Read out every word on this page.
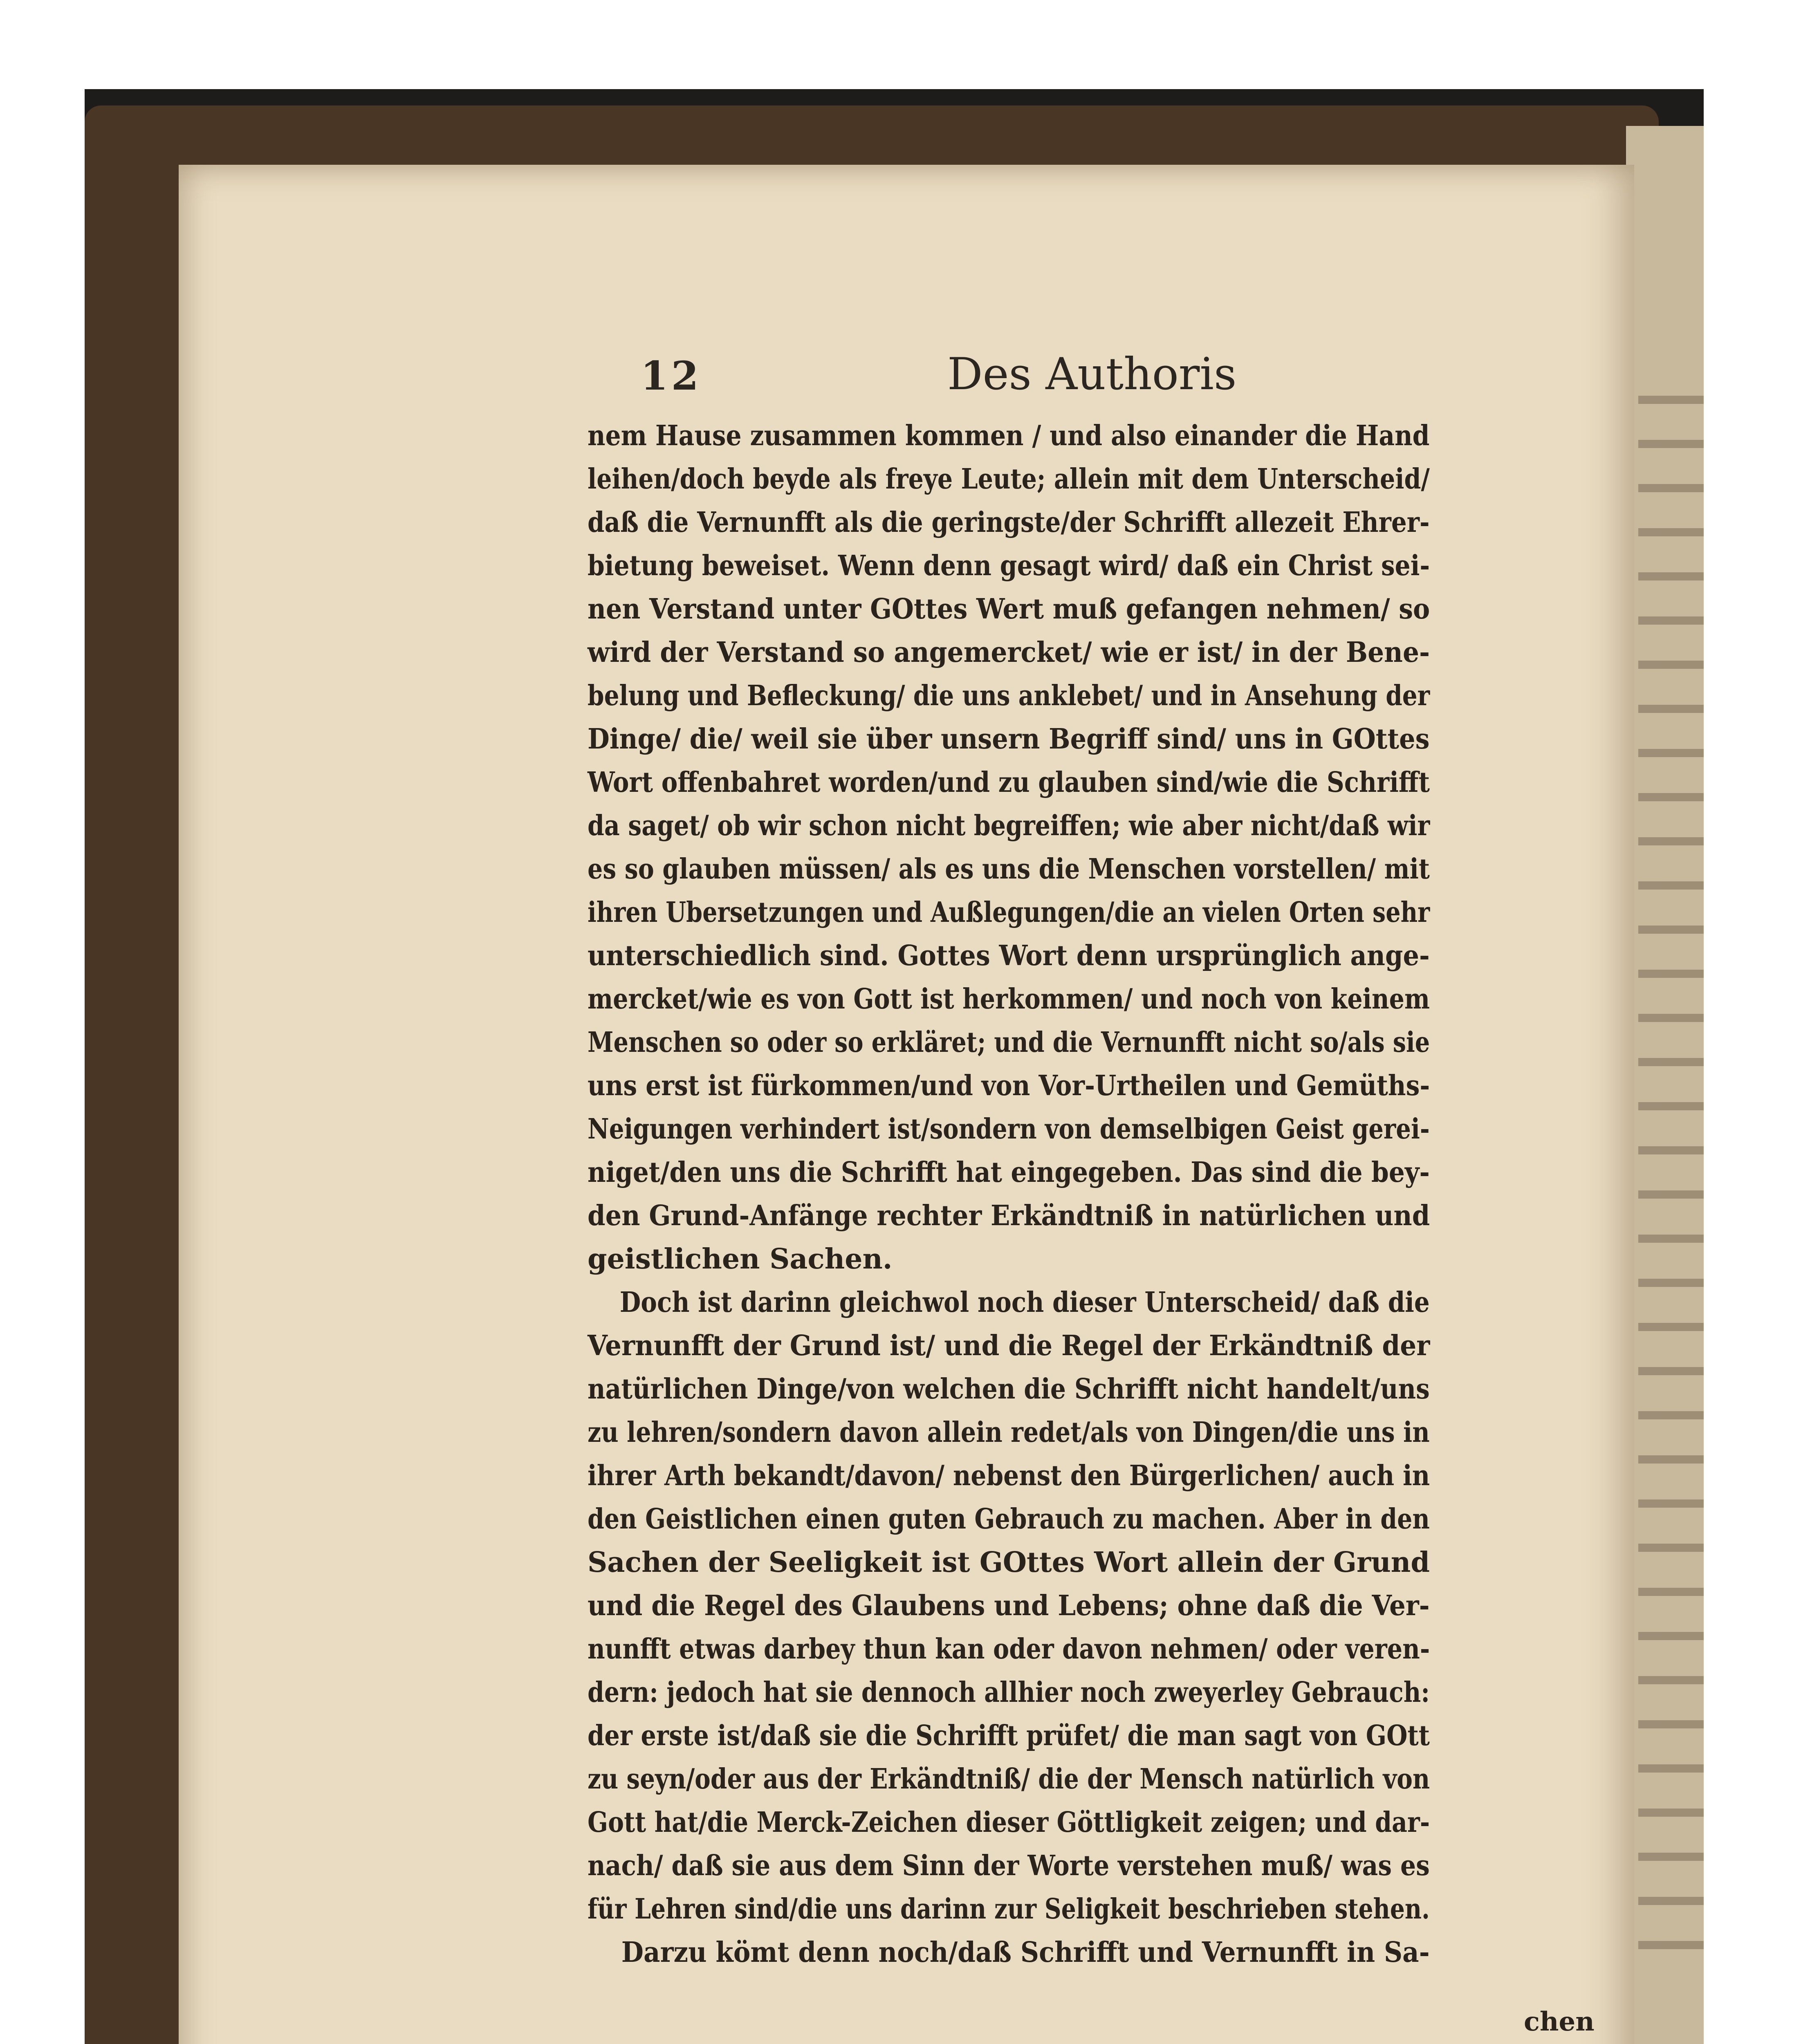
12	Des Authoris
nem Hause zusammen kommen / und also einander die Hand
leihen/doch beyde als freye Leute; allein mit dem Unterscheid/
daß die Vernunfft als die geringste/der Schrifft allezeit Ehrer-
bietung beweiset. Wenn denn gesagt wird/ daß ein Christ sei-
nen Verstand unter GOttes Wert muß gefangen nehmen/ so
wird der Verstand so angemercket/ wie er ist/ in der Bene-
belung und Befleckung/ die uns anklebet/ und in Ansehung der
Dinge/ die/ weil sie über unsern Begriff sind/ uns in GOttes
Wort offenbahret worden/und zu glauben sind/wie die Schrifft
da saget/ ob wir schon nicht begreiffen; wie aber nicht/daß wir
es so glauben müssen/ als es uns die Menschen vorstellen/ mit
ihren Ubersetzungen und Außlegungen/die an vielen Orten sehr
unterschiedlich sind. Gottes Wort denn ursprünglich ange-
mercket/wie es von Gott ist herkommen/ und noch von keinem
Menschen so oder so erkläret; und die Vernunfft nicht so/als sie
uns erst ist fürkommen/und von Vor-Urtheilen und Gemüths-
Neigungen verhindert ist/sondern von demselbigen Geist gerei-
niget/den uns die Schrifft hat eingegeben. Das sind die bey-
den Grund-Anfänge rechter Erkändtniß in natürlichen und
geistlichen Sachen.
Doch ist darinn gleichwol noch dieser Unterscheid/ daß die
Vernunfft der Grund ist/ und die Regel der Erkändtniß der
natürlichen Dinge/von welchen die Schrifft nicht handelt/uns
zu lehren/sondern davon allein redet/als von Dingen/die uns in
ihrer Arth bekandt/davon/ nebenst den Bürgerlichen/ auch in
den Geistlichen einen guten Gebrauch zu machen. Aber in den
Sachen der Seeligkeit ist GOttes Wort allein der Grund
und die Regel des Glaubens und Lebens; ohne daß die Ver-
nunfft etwas darbey thun kan oder davon nehmen/ oder veren-
dern: jedoch hat sie dennoch allhier noch zweyerley Gebrauch:
der erste ist/daß sie die Schrifft prüfet/ die man sagt von GOtt
zu seyn/oder aus der Erkändtniß/ die der Mensch natürlich von
Gott hat/die Merck-Zeichen dieser Göttligkeit zeigen; und dar-
nach/ daß sie aus dem Sinn der Worte verstehen muß/ was es
für Lehren sind/die uns darinn zur Seligkeit beschrieben stehen.
Darzu kömt denn noch/daß Schrifft und Vernunfft in Sa-
chen
